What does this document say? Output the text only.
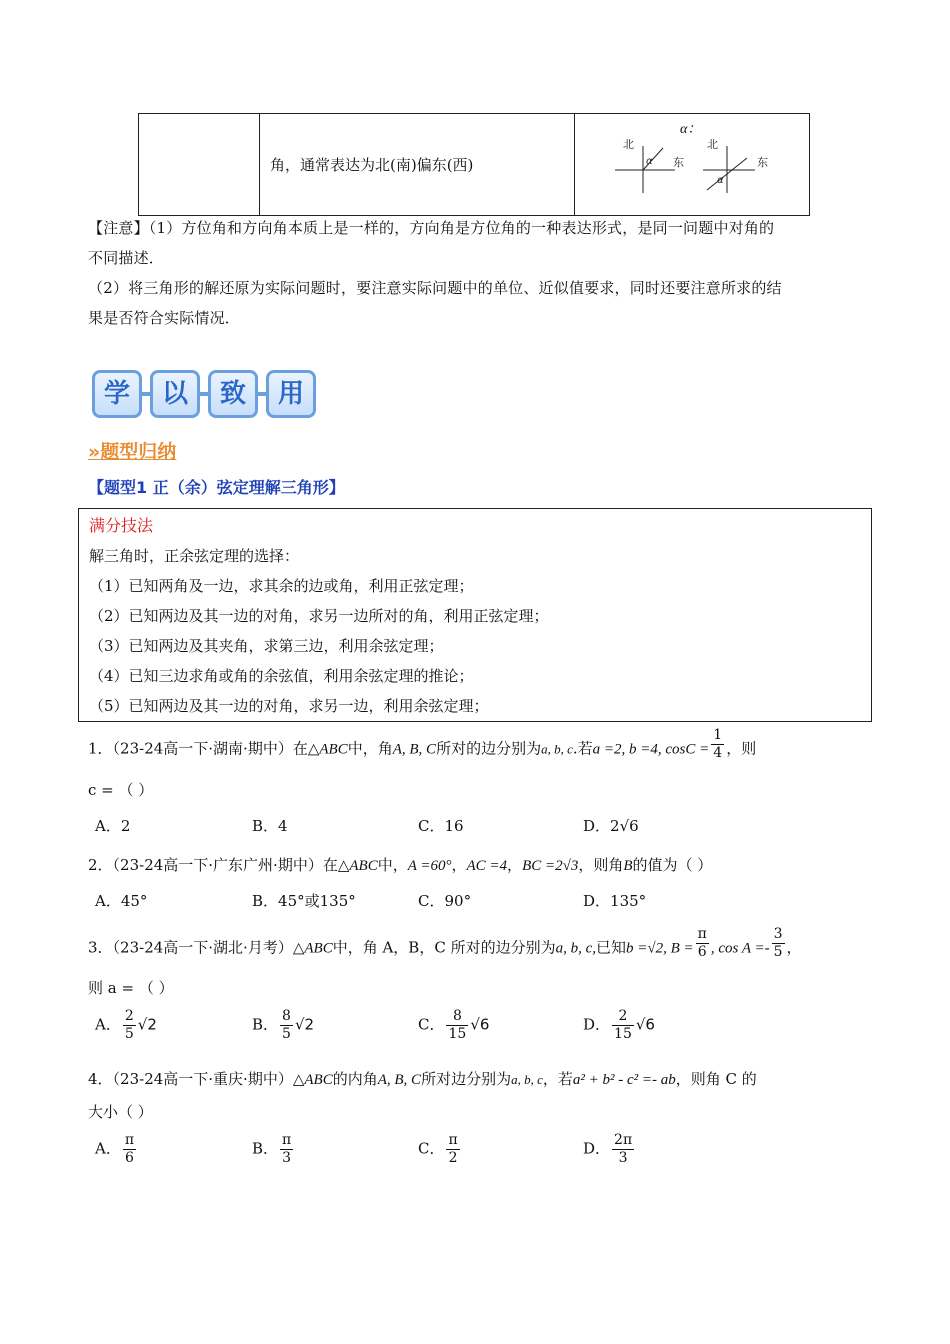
	角，通常表达为北(南)偏东(西)	
α：
北
东
α
北
东
α
【注意】（1）方位角和方向角本质上是一样的，方向角是方位角的一种表达形式，是同一问题中对角的
不同描述．
（2）将三角形的解还原为实际问题时，要注意实际问题中的单位、近似值要求，同时还要注意所求的结
果是否符合实际情况．
学	以	致	用
»题型归纳
【题型1 正（余）弦定理解三角形】
满分技法
解三角时，正余弦定理的选择：
（1）已知两角及一边，求其余的边或角，利用正弦定理；
（2）已知两边及其一边的对角，求另一边所对的角，利用正弦定理；
（3）已知两边及其夹角，求第三边，利用余弦定理；
（4）已知三边求角或角的余弦值，利用余弦定理的推论；
（5）已知两边及其一边的对角，求另一边，利用余弦定理；
1．（23-24高一下·湖南·期中）在△ABC中，角A, B, C所对的边分别为a, b, c.若a =2, b =4, $\cos C = \frac{1}{4}$ ，则
c = （ ）
A．2	B．4	C．16	D．2√6
2．（23-24高一下·广东广州·期中）在△ABC中，A =60°，AC =4，BC =2√3，则角B的值为（ ）
A．45°	B．45°或135°	C．90°	D．135°
3．（23-24高一下·湖北·月考）△ABC中，角 A，B，C 所对的边分别为a, b, c,已知b =√2, $B = \frac{\pi}{6}$ , $\cos A =- \frac{3}{5}$ ，
则 a = （ ）
A． $\frac{2}{5} √2$	B． $\frac{8}{5} √2$	C． $\frac{8}{15} √6$	D． $\frac{2}{15} √6$
4．（23-24高一下·重庆·期中）△ABC的内角A, B, C所对边分别为a, b, c，若a² + b² - c² =- ab，则角 C 的
大小（ ）
A． $\frac{\pi}{6}$	B． $\frac{\pi}{3}$	C． $\frac{\pi}{2}$	D． $\frac{2\pi}{3}$
